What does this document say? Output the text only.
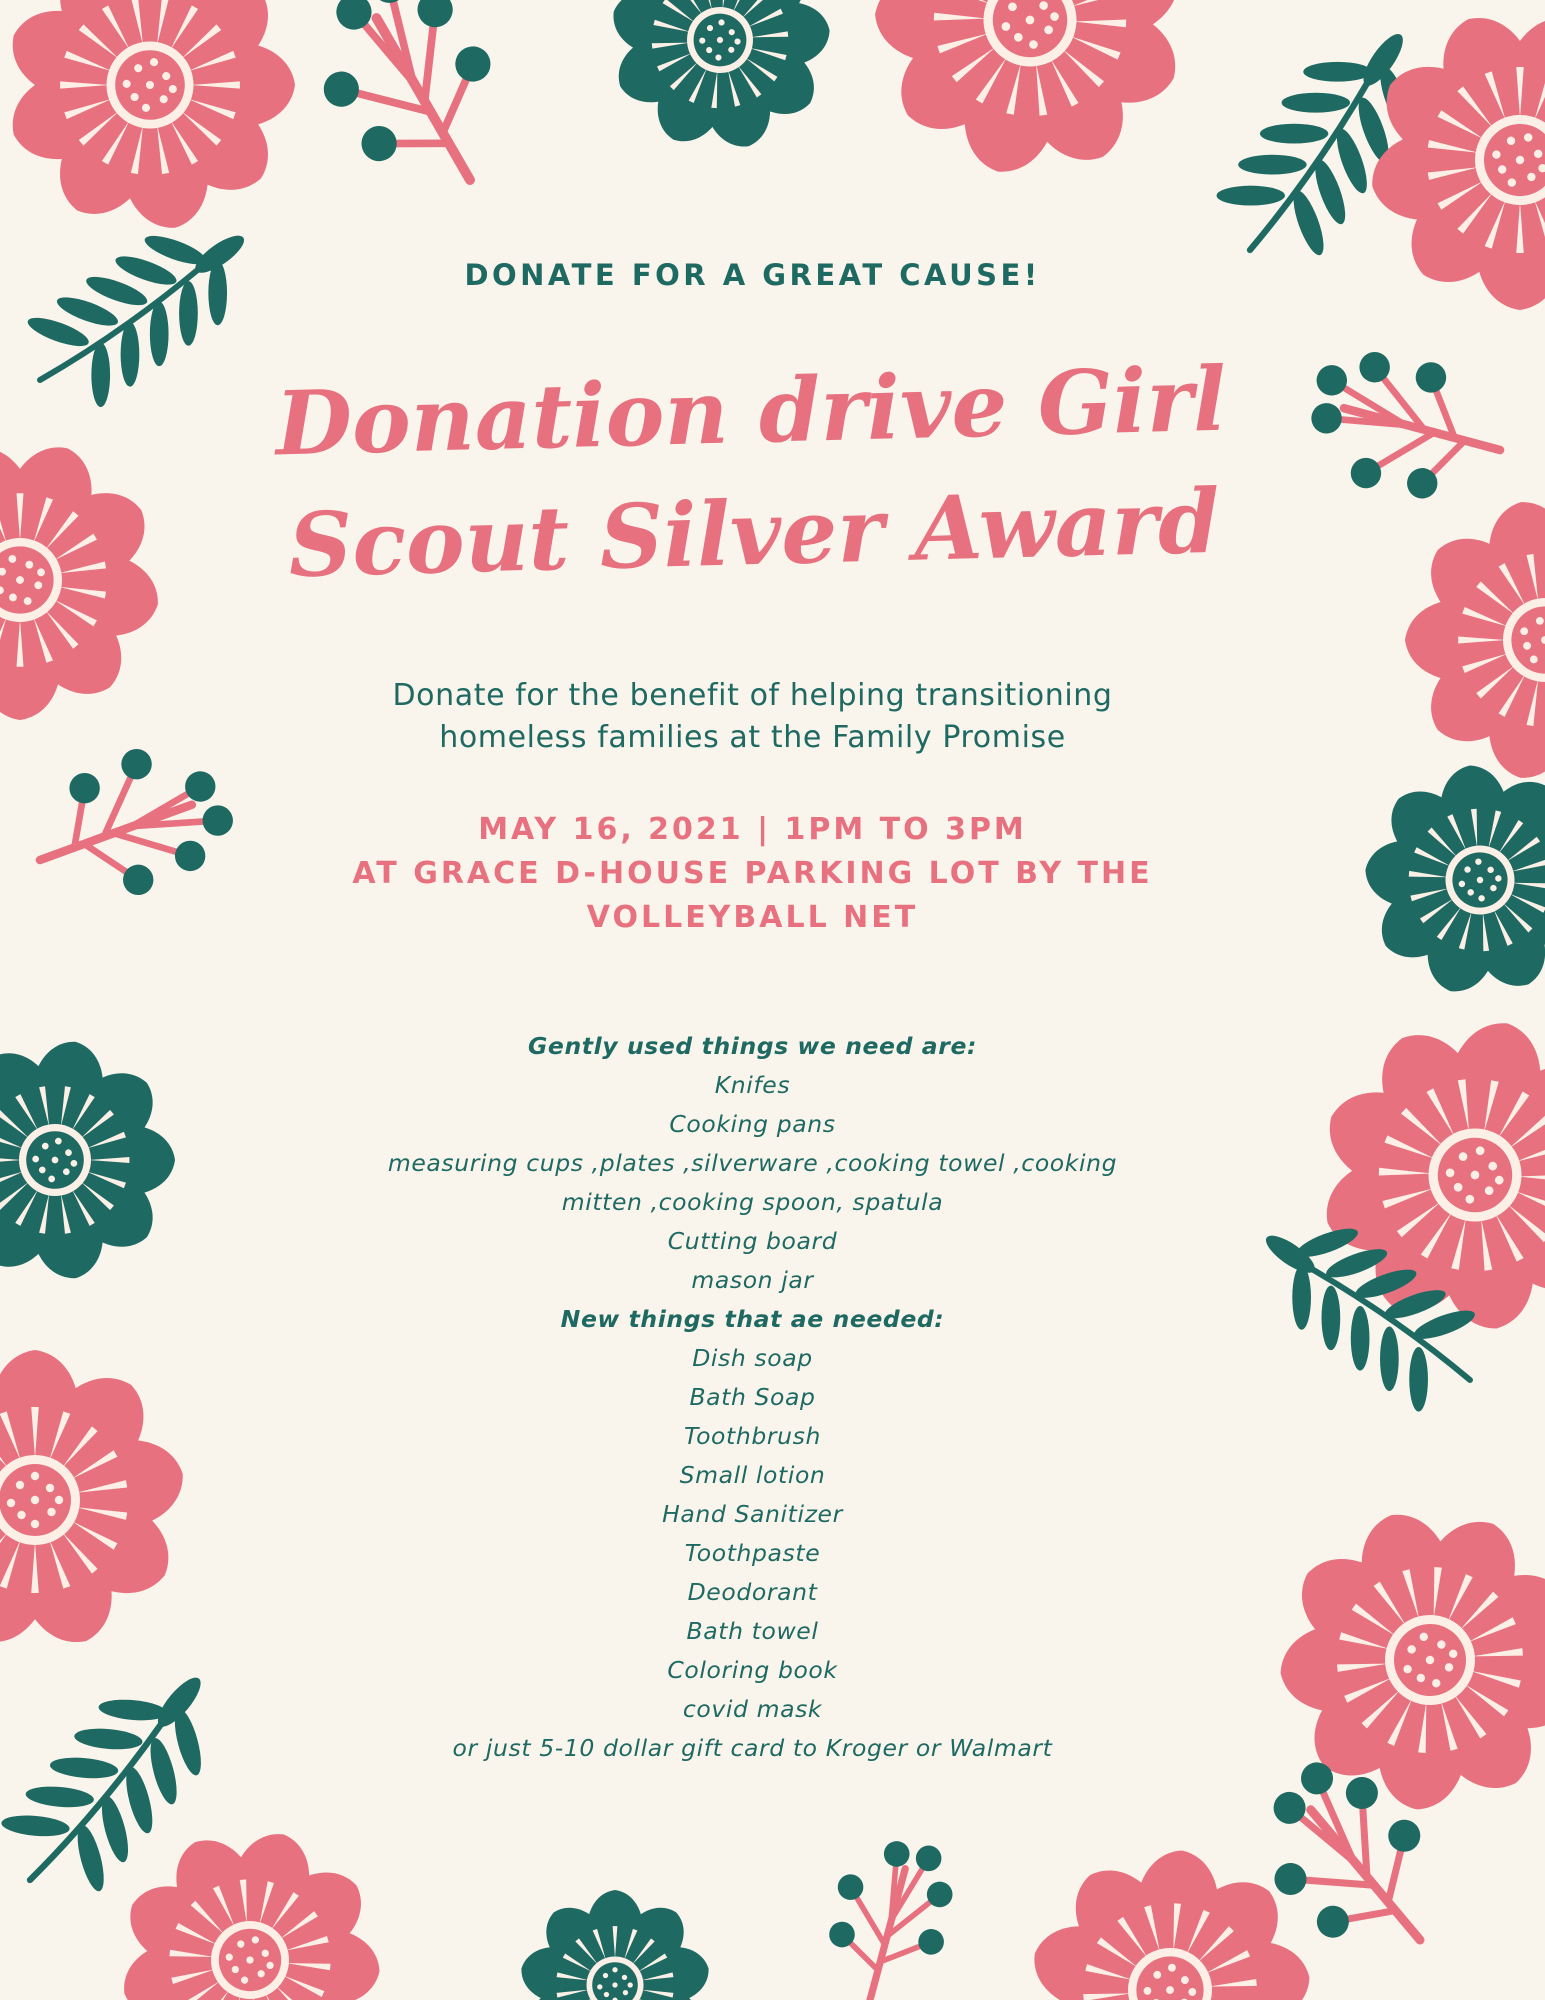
DONATE FOR A GREAT CAUSE!
Donation drive Girl
Scout Silver Award
Donate for the benefit of helping transitioning
homeless families at the Family Promise
MAY 16, 2021 | 1PM TO 3PM
AT GRACE D-HOUSE PARKING LOT BY THE
VOLLEYBALL NET
Gently used things we need are:
Knifes
Cooking pans
measuring cups ,plates ,silverware ,cooking towel ,cooking
mitten ,cooking spoon, spatula
Cutting board
mason jar
New things that ae needed:
Dish soap
Bath Soap
Toothbrush
Small lotion
Hand Sanitizer
Toothpaste
Deodorant
Bath towel
Coloring book
covid mask
or just 5-10 dollar gift card to Kroger or Walmart
